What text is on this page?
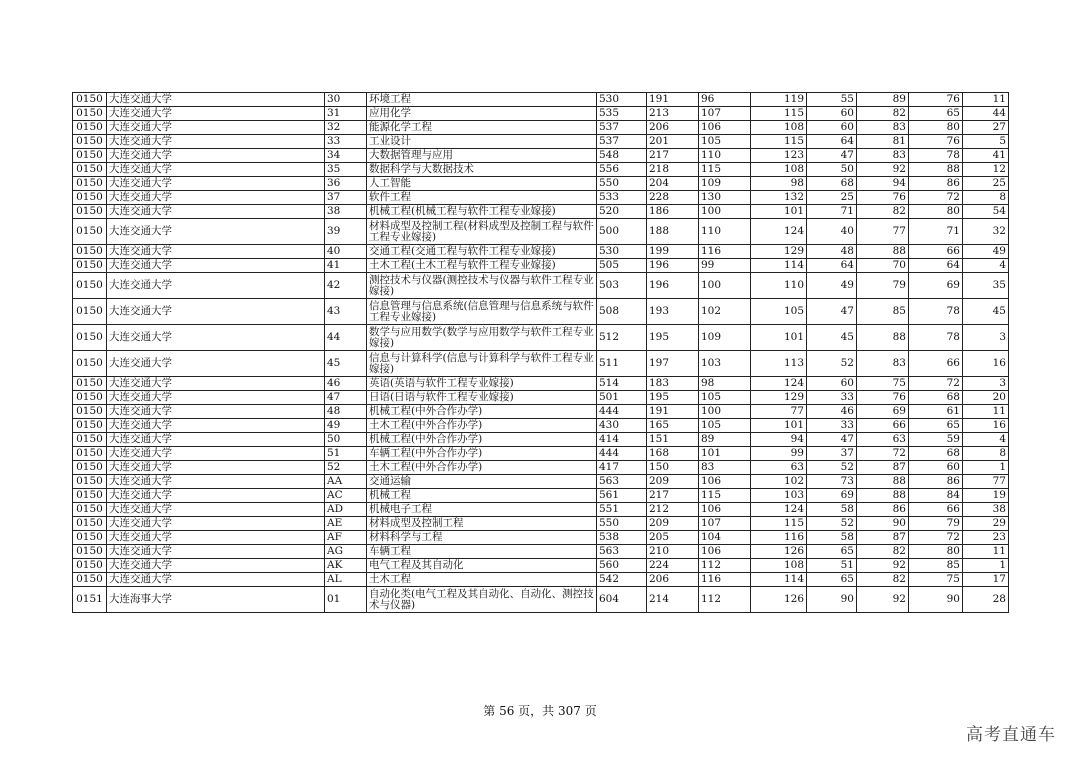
0150	大连交通大学	30	环境工程	530	191	96	119	55	89	76	11
0150	大连交通大学	31	应用化学	535	213	107	115	60	82	65	44
0150	大连交通大学	32	能源化学工程	537	206	106	108	60	83	80	27
0150	大连交通大学	33	工业设计	537	201	105	115	64	81	76	5
0150	大连交通大学	34	大数据管理与应用	548	217	110	123	47	83	78	41
0150	大连交通大学	35	数据科学与大数据技术	556	218	115	108	50	92	88	12
0150	大连交通大学	36	人工智能	550	204	109	98	68	94	86	25
0150	大连交通大学	37	软件工程	533	228	130	132	25	76	72	8
0150	大连交通大学	38	机械工程(机械工程与软件工程专业嫁接)	520	186	100	101	71	82	80	54
0150	大连交通大学	39	材料成型及控制工程(材料成型及控制工程与软件工程专业嫁接)	500	188	110	124	40	77	71	32
0150	大连交通大学	40	交通工程(交通工程与软件工程专业嫁接)	530	199	116	129	48	88	66	49
0150	大连交通大学	41	土木工程(土木工程与软件工程专业嫁接)	505	196	99	114	64	70	64	4
0150	大连交通大学	42	测控技术与仪器(测控技术与仪器与软件工程专业嫁接)	503	196	100	110	49	79	69	35
0150	大连交通大学	43	信息管理与信息系统(信息管理与信息系统与软件工程专业嫁接)	508	193	102	105	47	85	78	45
0150	大连交通大学	44	数学与应用数学(数学与应用数学与软件工程专业嫁接)	512	195	109	101	45	88	78	3
0150	大连交通大学	45	信息与计算科学(信息与计算科学与软件工程专业嫁接)	511	197	103	113	52	83	66	16
0150	大连交通大学	46	英语(英语与软件工程专业嫁接)	514	183	98	124	60	75	72	3
0150	大连交通大学	47	日语(日语与软件工程专业嫁接)	501	195	105	129	33	76	68	20
0150	大连交通大学	48	机械工程(中外合作办学)	444	191	100	77	46	69	61	11
0150	大连交通大学	49	土木工程(中外合作办学)	430	165	105	101	33	66	65	16
0150	大连交通大学	50	机械工程(中外合作办学)	414	151	89	94	47	63	59	4
0150	大连交通大学	51	车辆工程(中外合作办学)	444	168	101	99	37	72	68	8
0150	大连交通大学	52	土木工程(中外合作办学)	417	150	83	63	52	87	60	1
0150	大连交通大学	AA	交通运输	563	209	106	102	73	88	86	77
0150	大连交通大学	AC	机械工程	561	217	115	103	69	88	84	19
0150	大连交通大学	AD	机械电子工程	551	212	106	124	58	86	66	38
0150	大连交通大学	AE	材料成型及控制工程	550	209	107	115	52	90	79	29
0150	大连交通大学	AF	材料科学与工程	538	205	104	116	58	87	72	23
0150	大连交通大学	AG	车辆工程	563	210	106	126	65	82	80	11
0150	大连交通大学	AK	电气工程及其自动化	560	224	112	108	51	92	85	1
0150	大连交通大学	AL	土木工程	542	206	116	114	65	82	75	17
0151	大连海事大学	01	自动化类(电气工程及其自动化、自动化、测控技术与仪器)	604	214	112	126	90	92	90	28
第 56 页，共 307 页
高考直通车
